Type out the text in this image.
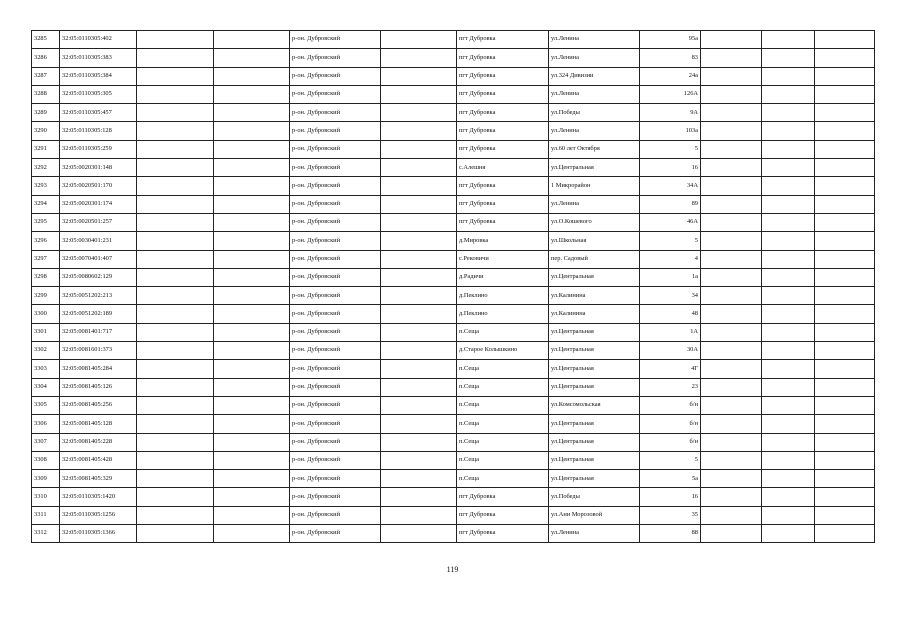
3285	32:05:0110305:402			р-он. Дубровский		пгт Дубровка	ул.Ленина	95а			
3286	32:05:0110305:383			р-он. Дубровский		пгт Дубровка	ул.Ленина	83			
3287	32:05:0110305:384			р-он. Дубровский		пгт Дубровка	ул.324 Дивизии	24а			
3288	32:05:0110305:305			р-он. Дубровский		пгт Дубровка	ул.Ленина	126А			
3289	32:05:0110305:457			р-он. Дубровский		пгт Дубровка	ул.Победы	9А			
3290	32:05:0110305:128			р-он. Дубровский		пгт Дубровка	ул.Ленина	103а			
3291	32:05:0110305:259			р-он. Дубровский		пгт Дубровка	ул.60 лет Октября	5			
3292	32:05:0020301:148			р-он. Дубровский		с.Алешня	ул.Центральная	16			
3293	32:05:0020501:170			р-он. Дубровский		пгт Дубровка	1 Микрорайон	34А			
3294	32:05:0020301:174			р-он. Дубровский		пгт Дубровка	ул.Ленина	89			
3295	32:05:0020501:257			р-он. Дубровский		пгт Дубровка	ул.О.Кошевого	46А			
3296	32:05:0030401:231			р-он. Дубровский		д.Мировка	ул.Школьная	5			
3297	32:05:0070401:407			р-он. Дубровский		с.Рековичи	пер. Садовый	4			
3298	32:05:0080602:129			р-он. Дубровский		д.Радичи	ул.Центральная	1а			
3299	32:05:0051202:213			р-он. Дубровский		д.Пеклино	ул.Калинина	34			
3300	32:05:0051202:189			р-он. Дубровский		д.Пеклино	ул.Калинина	48			
3301	32:05:0081401:717			р-он. Дубровский		п.Сеща	ул.Центральная	1А			
3302	32:05:0081601:373			р-он. Дубровский		д.Старое Колышкино	ул.Центральная	30А			
3303	32:05:0081405:284			р-он. Дубровский		п.Сеща	ул.Центральная	4Г			
3304	32:05:0081405:126			р-он. Дубровский		п.Сеща	ул.Центральная	23			
3305	32:05:0081405:256			р-он. Дубровский		п.Сеща	ул.Комсомольская	б/н			
3306	32:05:0081405:128			р-он. Дубровский		п.Сеща	ул.Центральная	б/н			
3307	32:05:0081405:228			р-он. Дубровский		п.Сеща	ул.Центральная	б/н			
3308	32:05:0081405:428			р-он. Дубровский		п.Сеща	ул.Центральная	5			
3309	32:05:0081405:329			р-он. Дубровский		п.Сеща	ул.Центральная	5а			
3310	32:05:0110305:1420			р-он. Дубровский		пгт Дубровка	ул.Победы	16			
3311	32:05:0110305:1256			р-он. Дубровский		пгт Дубровка	ул.Ани Морозовой	35			
3312	32:05:0110305:1366			р-он. Дубровский		пгт Дубровка	ул.Ленина	88			
119
